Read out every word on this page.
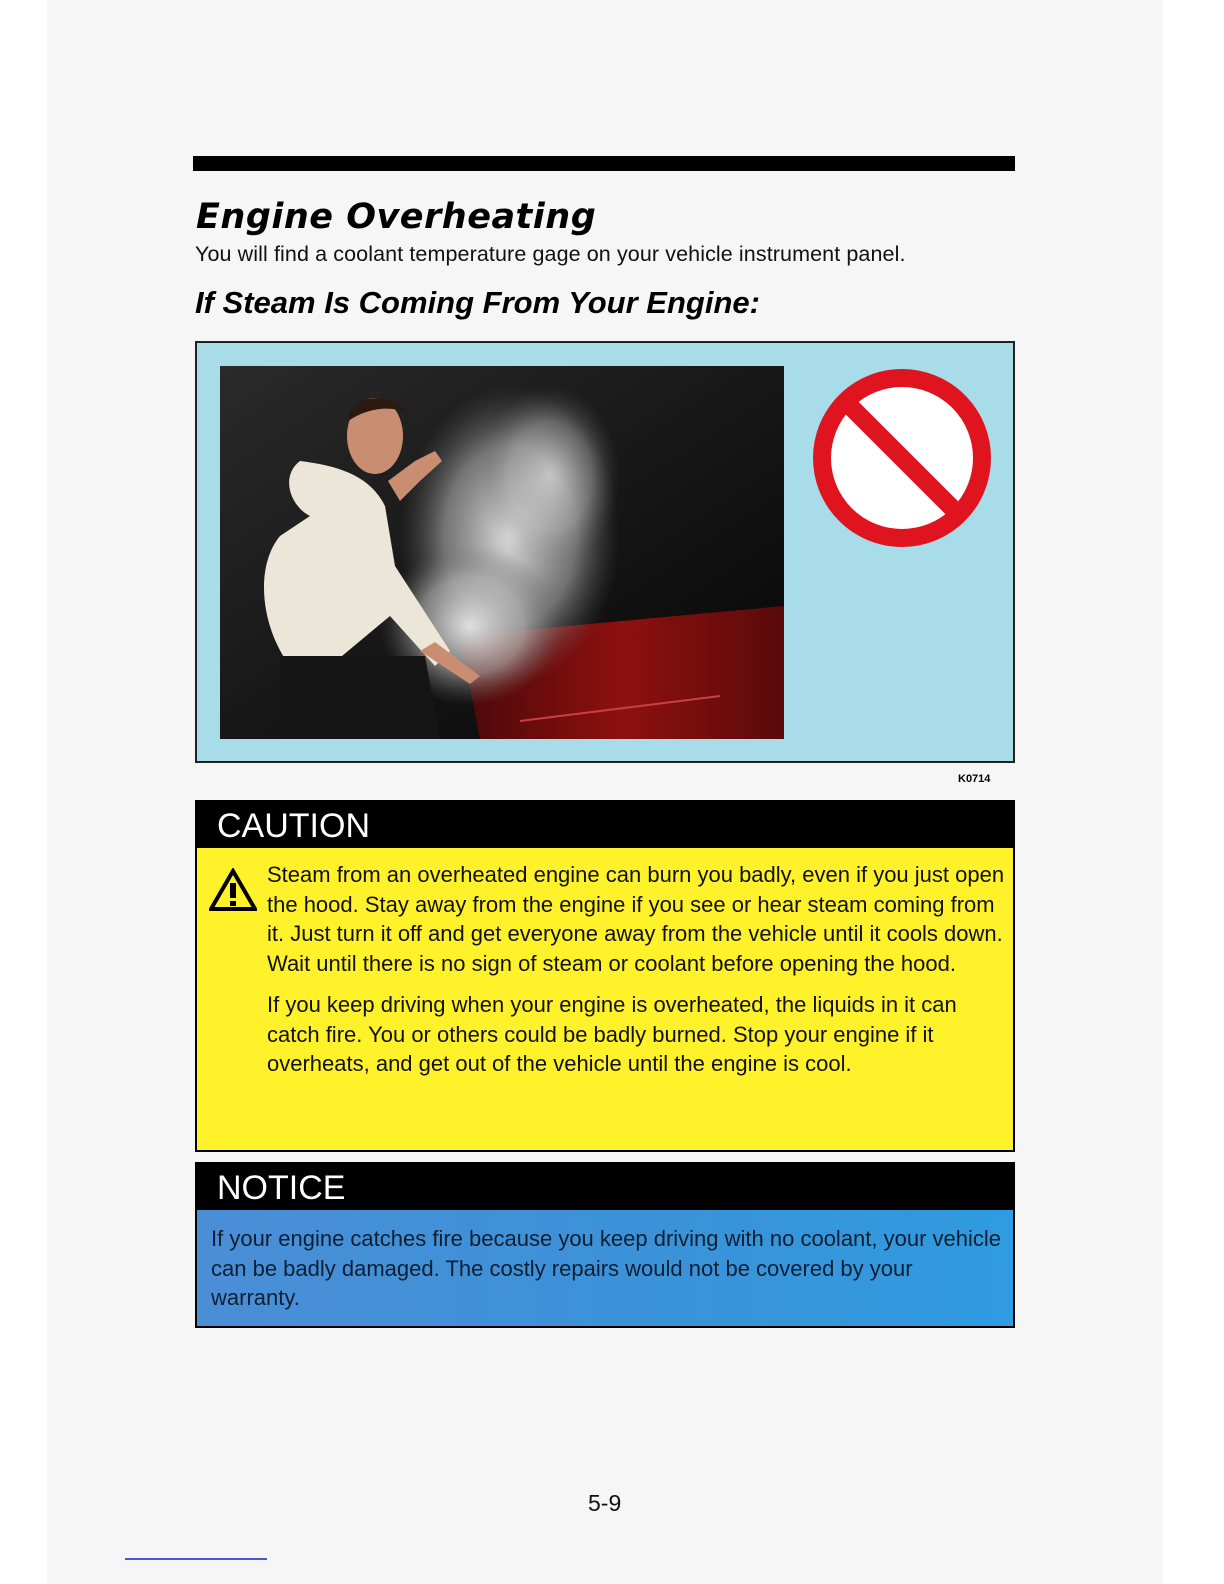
Engine Overheating

You will find a coolant temperature gage on your vehicle instrument panel.

If Steam Is Coming From Your Engine:

K0714

CAUTION

Steam from an overheated engine can burn you badly, even if you just open the hood. Stay away from the engine if you see or hear steam coming from it. Just turn it off and get everyone away from the vehicle until it cools down. Wait until there is no sign of steam or coolant before opening the hood.

If you keep driving when your engine is overheated, the liquids in it can catch fire. You or others could be badly burned. Stop your engine if it overheats, and get out of the vehicle until the engine is cool.

NOTICE

If your engine catches fire because you keep driving with no coolant, your vehicle can be badly damaged. The costly repairs would not be covered by your warranty.

5-9
